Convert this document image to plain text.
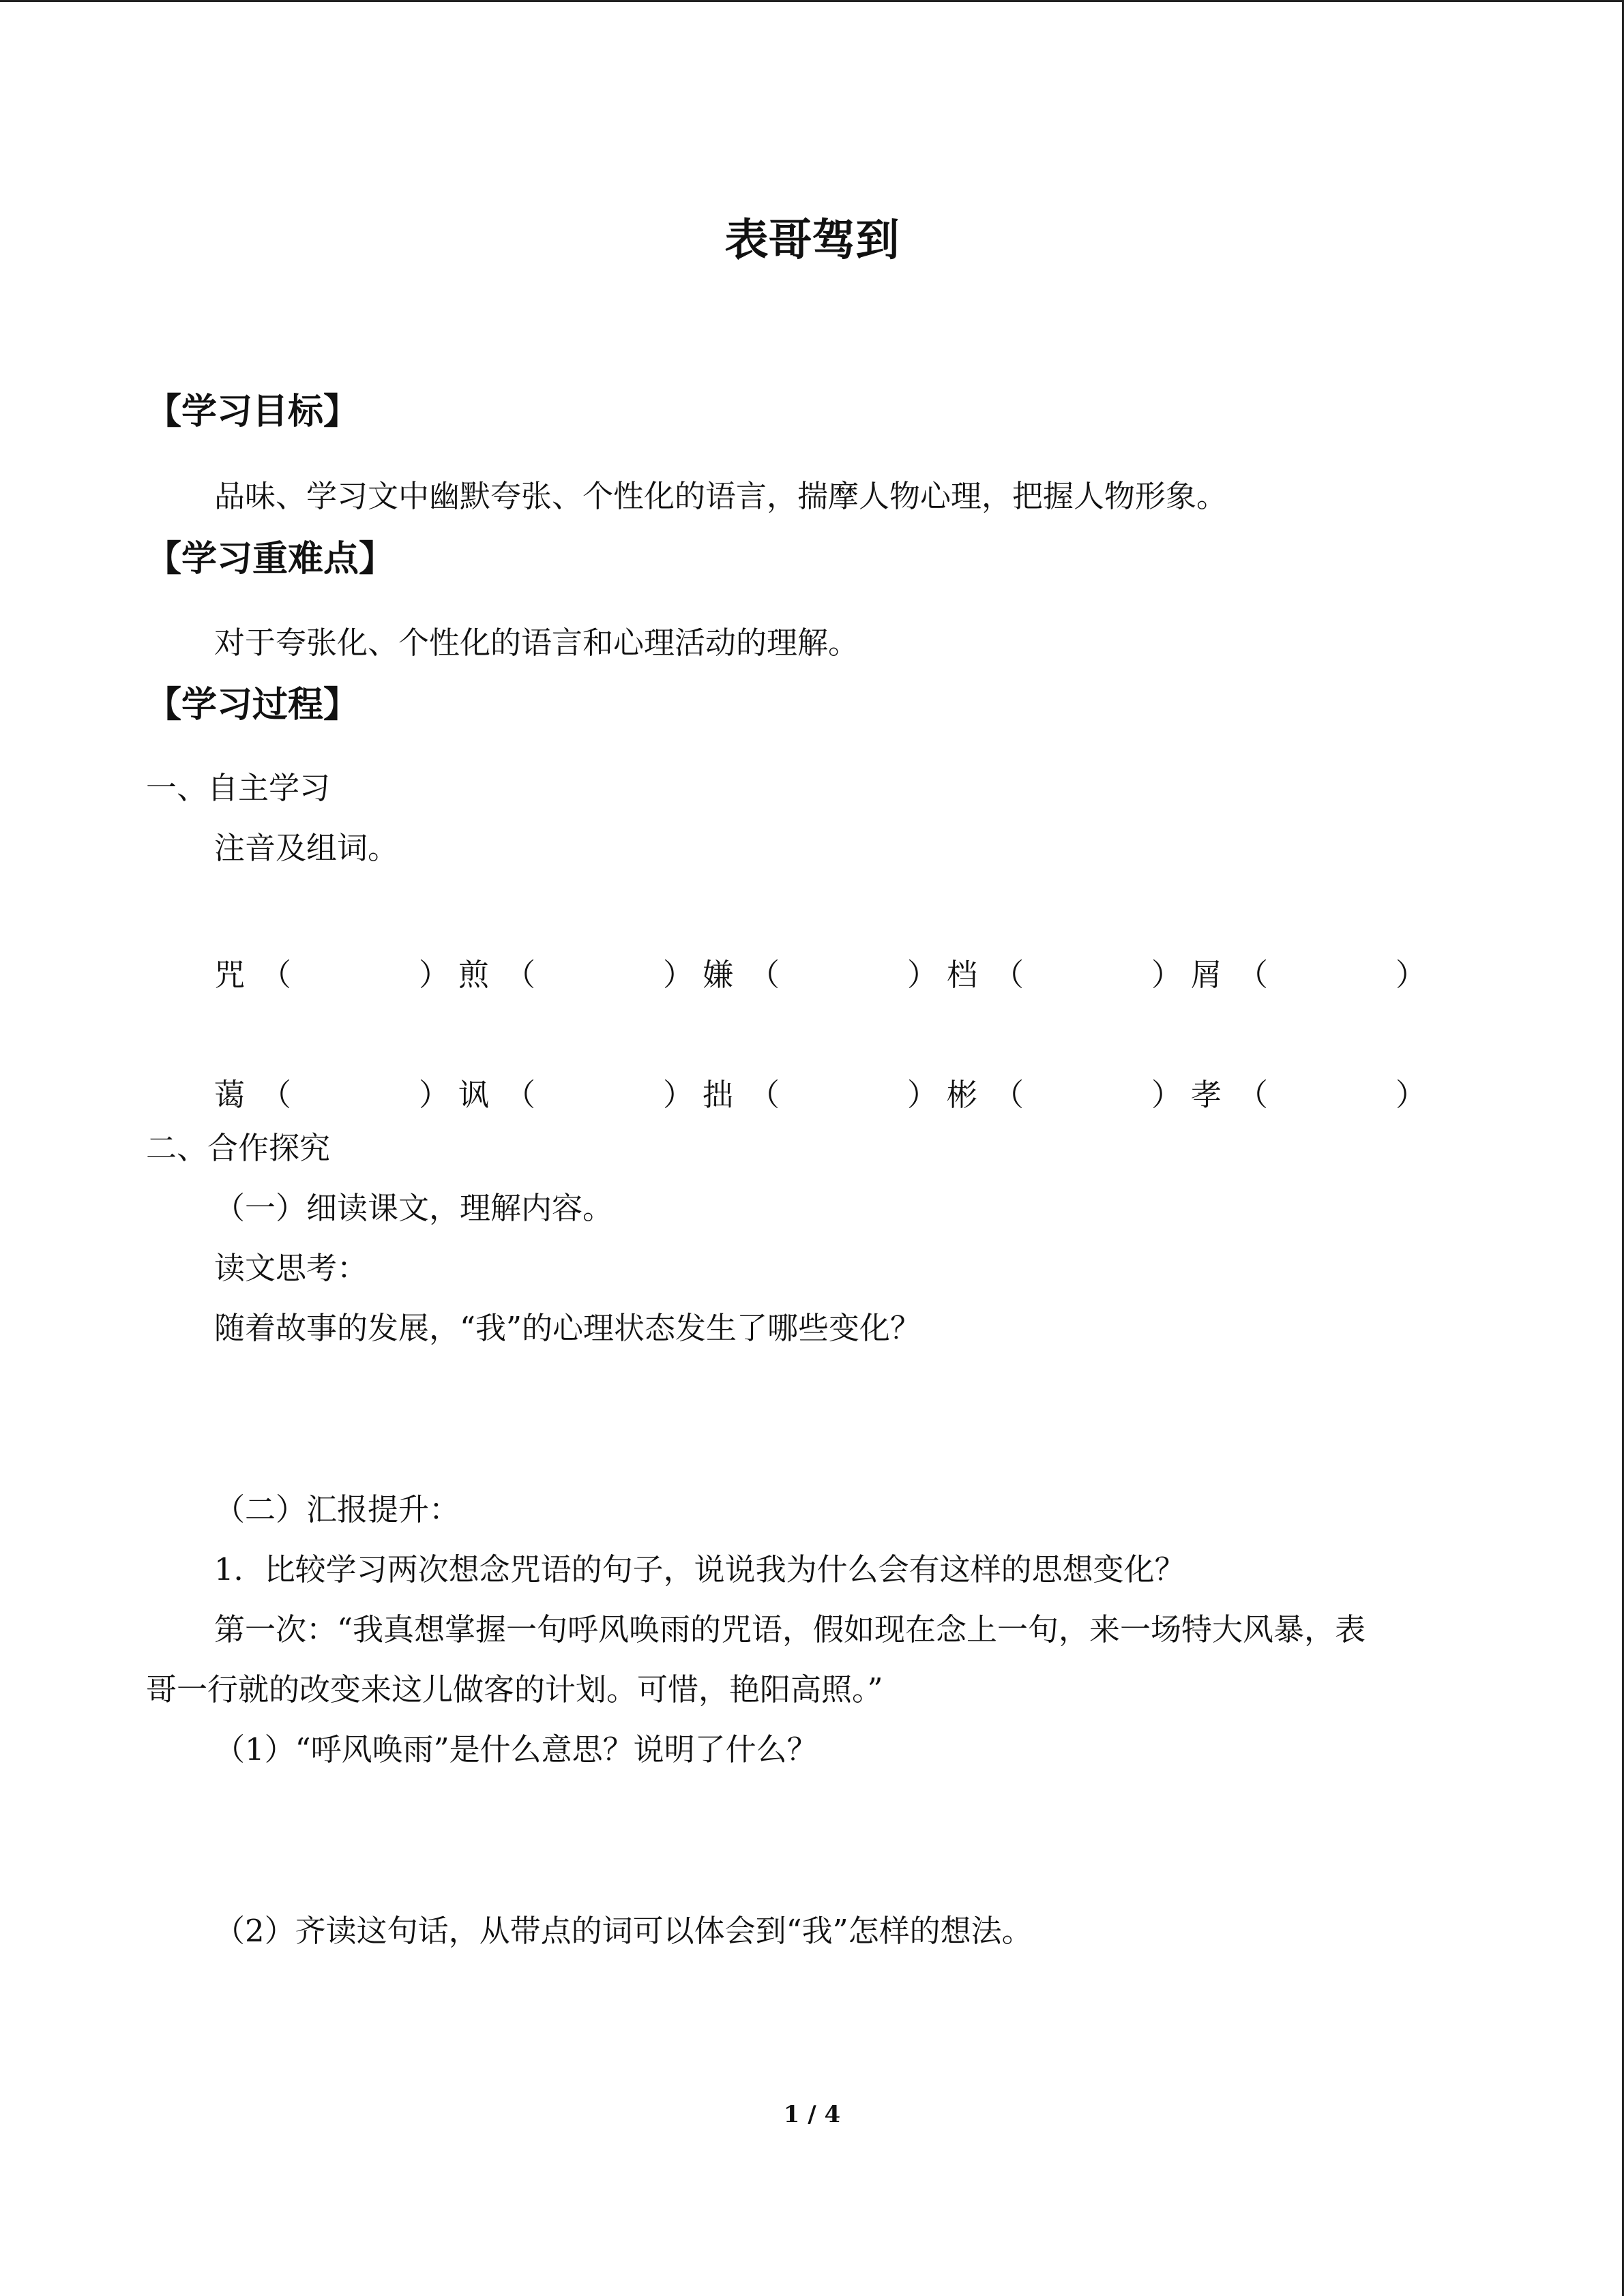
表哥驾到
【学习目标】
品味、学习文中幽默夸张、个性化的语言，揣摩人物心理，把握人物形象。
【学习重难点】
对于夸张化、个性化的语言和心理活动的理解。
【学习过程】
一、自主学习
注音及组词。
咒 （	） 煎 （	） 嫌 （	） 档 （	） 屑 （	）
蔼 （	） 讽 （	） 拙 （	） 彬 （	） 孝 （	）
二、合作探究
（一）细读课文，理解内容。
读文思考：
随着故事的发展，“我”的心理状态发生了哪些变化？
（二）汇报提升：
1．比较学习两次想念咒语的句子，说说我为什么会有这样的思想变化？
第一次：“我真想掌握一句呼风唤雨的咒语，假如现在念上一句，来一场特大风暴，表
哥一行就的改变来这儿做客的计划。可惜，艳阳高照。”
（1）“呼风唤雨”是什么意思？说明了什么？
（2）齐读这句话，从带点的词可以体会到“我”怎样的想法。
1 / 4
